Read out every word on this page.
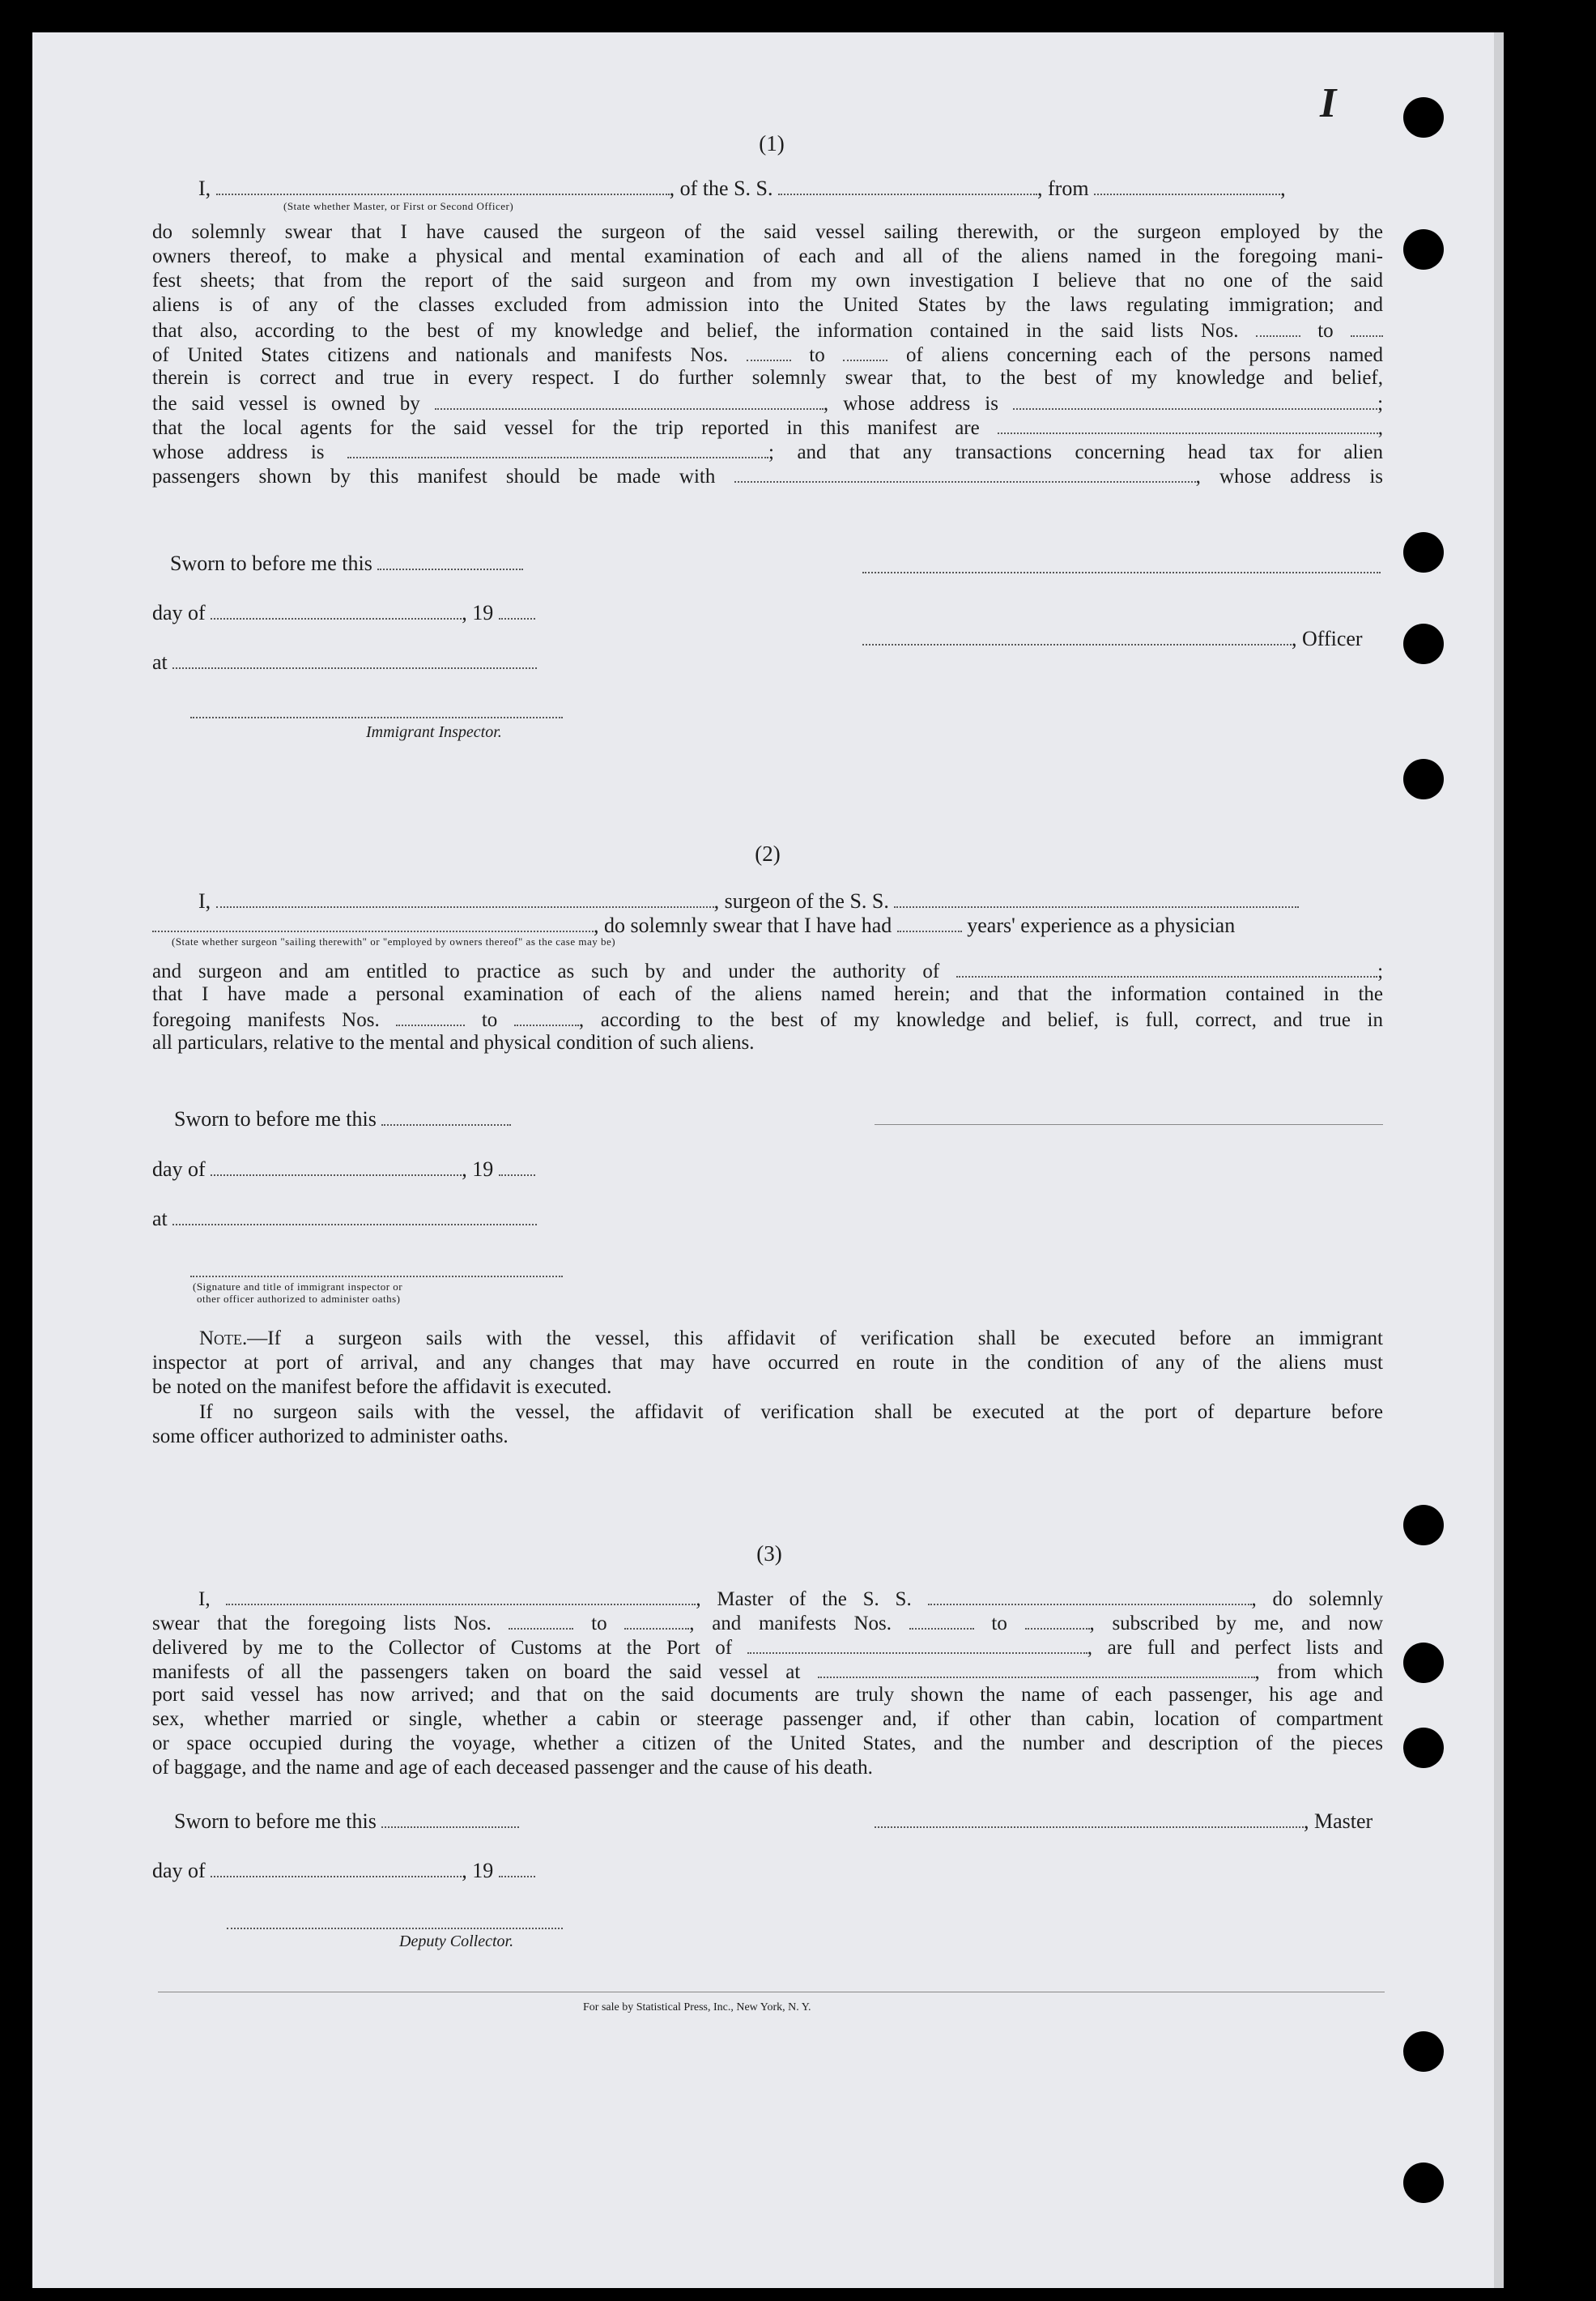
I
(1)
I,	, of the S. S.	, from	,
(State whether Master, or First or Second Officer)
do solemnly swear that I have caused the surgeon of the said vessel sailing therewith, or the surgeon employed by the
owners thereof, to make a physical and mental examination of each and all of the aliens named in the foregoing mani-
fest sheets; that from the report of the said surgeon and from my own investigation I believe that no one of the said
aliens is of any of the classes excluded from admission into the United States by the laws regulating immigration; and
that also, according to the best of my knowledge and belief, the information contained in the said lists Nos.	to
of United States citizens and nationals and manifests Nos.	to	of aliens concerning each of the persons named
therein is correct and true in every respect. I do further solemnly swear that, to the best of my knowledge and belief,
the said vessel is owned by	, whose address is	;
that the local agents for the said vessel for the trip reported in this manifest are	,
whose address is	; and that any transactions concerning head tax for alien
passengers shown by this manifest should be made with	, whose address is
Sworn to before me this
day of	, 19
, Officer
at
Immigrant Inspector.
(2)
I,	, surgeon of the S. S.
, do solemnly swear that I have had	years' experience as a physician
(State whether surgeon "sailing therewith" or "employed by owners thereof" as the case may be)
and surgeon and am entitled to practice as such by and under the authority of	;
that I have made a personal examination of each of the aliens named herein; and that the information contained in the
foregoing manifests Nos.	to	, according to the best of my knowledge and belief, is full, correct, and true in
all particulars, relative to the mental and physical condition of such aliens.
Sworn to before me this
day of	, 19
at
(Signature and title of immigrant inspector or
other officer authorized to administer oaths)
Note.—If a surgeon sails with the vessel, this affidavit of verification shall be executed before an immigrant
inspector at port of arrival, and any changes that may have occurred en route in the condition of any of the aliens must
be noted on the manifest before the affidavit is executed.
If no surgeon sails with the vessel, the affidavit of verification shall be executed at the port of departure before
some officer authorized to administer oaths.
(3)
I,	, Master of the S. S.	, do solemnly
swear that the foregoing lists Nos.	to	, and manifests Nos.	to	, subscribed by me, and now
delivered by me to the Collector of Customs at the Port of	, are full and perfect lists and
manifests of all the passengers taken on board the said vessel at	, from which
port said vessel has now arrived; and that on the said documents are truly shown the name of each passenger, his age and
sex, whether married or single, whether a cabin or steerage passenger and, if other than cabin, location of compartment
or space occupied during the voyage, whether a citizen of the United States, and the number and description of the pieces
of baggage, and the name and age of each deceased passenger and the cause of his death.
Sworn to before me this	, Master
day of	, 19
Deputy Collector.
For sale by Statistical Press, Inc., New York, N. Y.
